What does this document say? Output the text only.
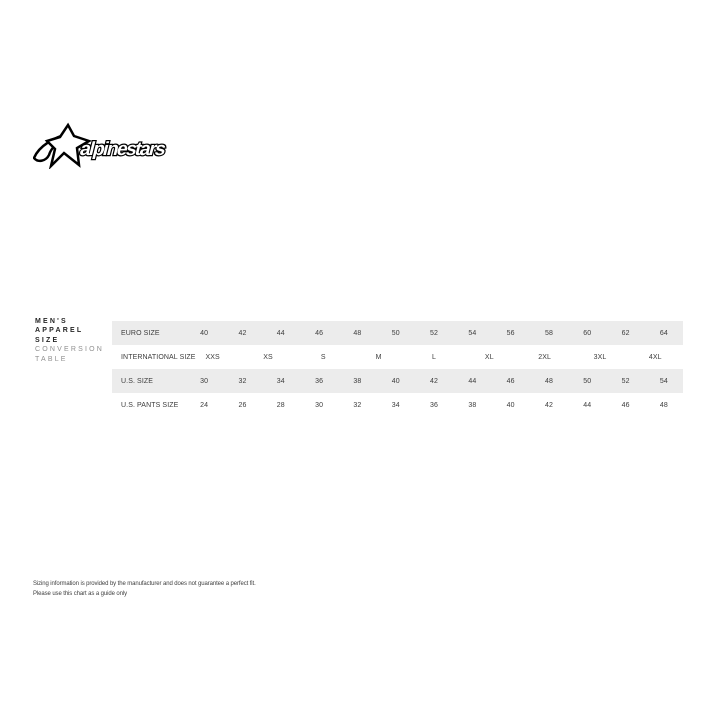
alpinestars
MEN'S
APPAREL
SIZE
CONVERSION
TABLE
EURO SIZE	40	42	44	46	48	50	52	54	56	58	60	62	64
INTERNATIONAL SIZE	XXS	XS	S	M	L	XL	2XL	3XL	4XL
U.S. SIZE	30	32	34	36	38	40	42	44	46	48	50	52	54
U.S. PANTS SIZE	24	26	28	30	32	34	36	38	40	42	44	46	48
Sizing information is provided by the manufacturer and does not guarantee a perfect fit.
Please use this chart as a guide only
